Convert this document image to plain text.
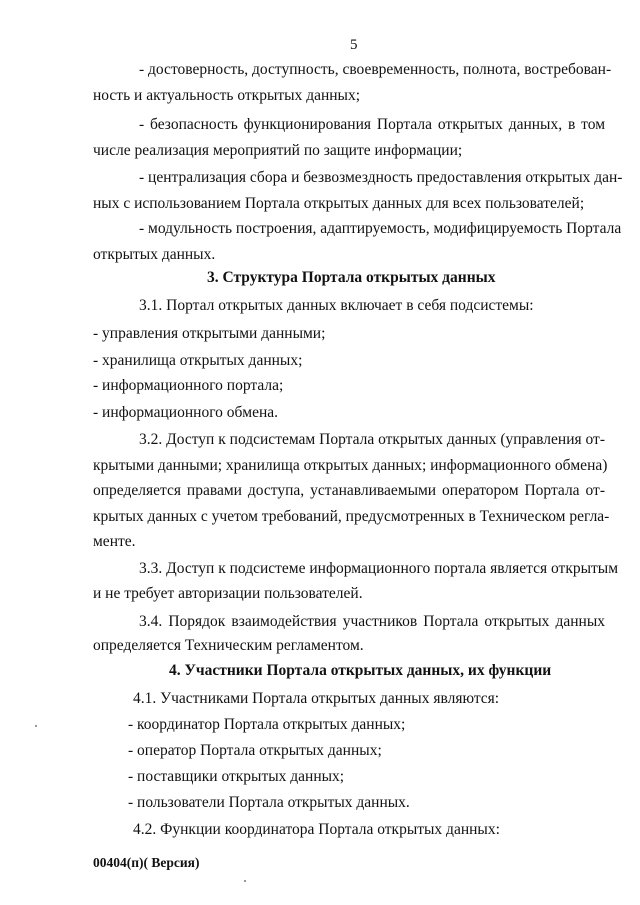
5
- достоверность, доступность, своевременность, полнота, востребован-
ность и актуальность открытых данных;
- безопасность функционирования Портала открытых данных, в том
числе реализация мероприятий по защите информации;
- централизация сбора и безвозмездность предоставления открытых дан-
ных с использованием Портала открытых данных для всех пользователей;
- модульность построения, адаптируемость, модифицируемость Портала
открытых данных.
3. Структура Портала открытых данных
3.1. Портал открытых данных включает в себя подсистемы:
- управления открытыми данными;
- хранилища открытых данных;
- информационного портала;
- информационного обмена.
3.2. Доступ к подсистемам Портала открытых данных (управления от-
крытыми данными; хранилища открытых данных; информационного обмена)
определяется правами доступа, устанавливаемыми оператором Портала от-
крытых данных с учетом требований, предусмотренных в Техническом регла-
менте.
3.3. Доступ к подсистеме информационного портала является открытым
и не требует авторизации пользователей.
3.4. Порядок взаимодействия участников Портала открытых данных
определяется Техническим регламентом.
4. Участники Портала открытых данных, их функции
4.1. Участниками Портала открытых данных являются:
- координатор Портала открытых данных;
- оператор Портала открытых данных;
- поставщики открытых данных;
- пользователи Портала открытых данных.
4.2. Функции координатора Портала открытых данных:
00404(п)( Версия)
